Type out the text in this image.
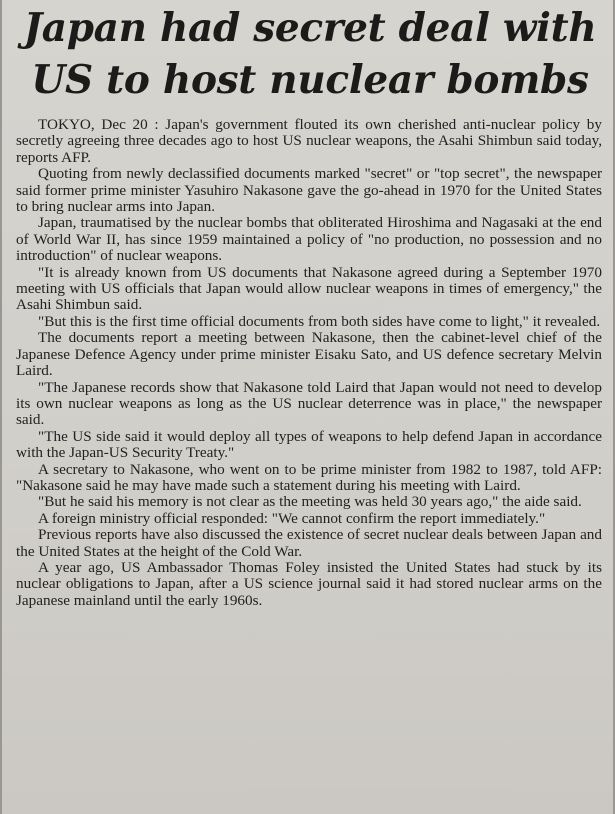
Japan had secret deal with
US to host nuclear bombs

TOKYO, Dec 20 : Japan's government flouted its own cherished anti-nuclear policy by secretly agreeing three decades ago to host US nuclear weapons, the Asahi Shimbun said today, reports AFP.

Quoting from newly declassified documents marked "secret" or "top secret", the newspaper said former prime minister Yasuhiro Nakasone gave the go-ahead in 1970 for the United States to bring nuclear arms into Japan.

Japan, traumatised by the nuclear bombs that obliterated Hiroshima and Nagasaki at the end of World War II, has since 1959 maintained a policy of "no production, no possession and no introduction" of nuclear weapons.

"It is already known from US documents that Nakasone agreed during a September 1970 meeting with US officials that Japan would allow nuclear weapons in times of emergency," the Asahi Shimbun said.

"But this is the first time official documents from both sides have come to light," it revealed.

The documents report a meeting between Nakasone, then the cabinet-level chief of the Japanese Defence Agency under prime minister Eisaku Sato, and US defence secretary Melvin Laird.

"The Japanese records show that Nakasone told Laird that Japan would not need to develop its own nuclear weapons as long as the US nuclear deterrence was in place," the newspaper said.

"The US side said it would deploy all types of weapons to help defend Japan in accordance with the Japan-US Security Treaty."

A secretary to Nakasone, who went on to be prime minister from 1982 to 1987, told AFP: "Nakasone said he may have made such a statement during his meeting with Laird.

"But he said his memory is not clear as the meeting was held 30 years ago," the aide said.

A foreign ministry official responded: "We cannot confirm the report immediately."

Previous reports have also discussed the existence of secret nuclear deals between Japan and the United States at the height of the Cold War.

A year ago, US Ambassador Thomas Foley insisted the United States had stuck by its nuclear obligations to Japan, after a US science journal said it had stored nuclear arms on the Japanese mainland until the early 1960s.
